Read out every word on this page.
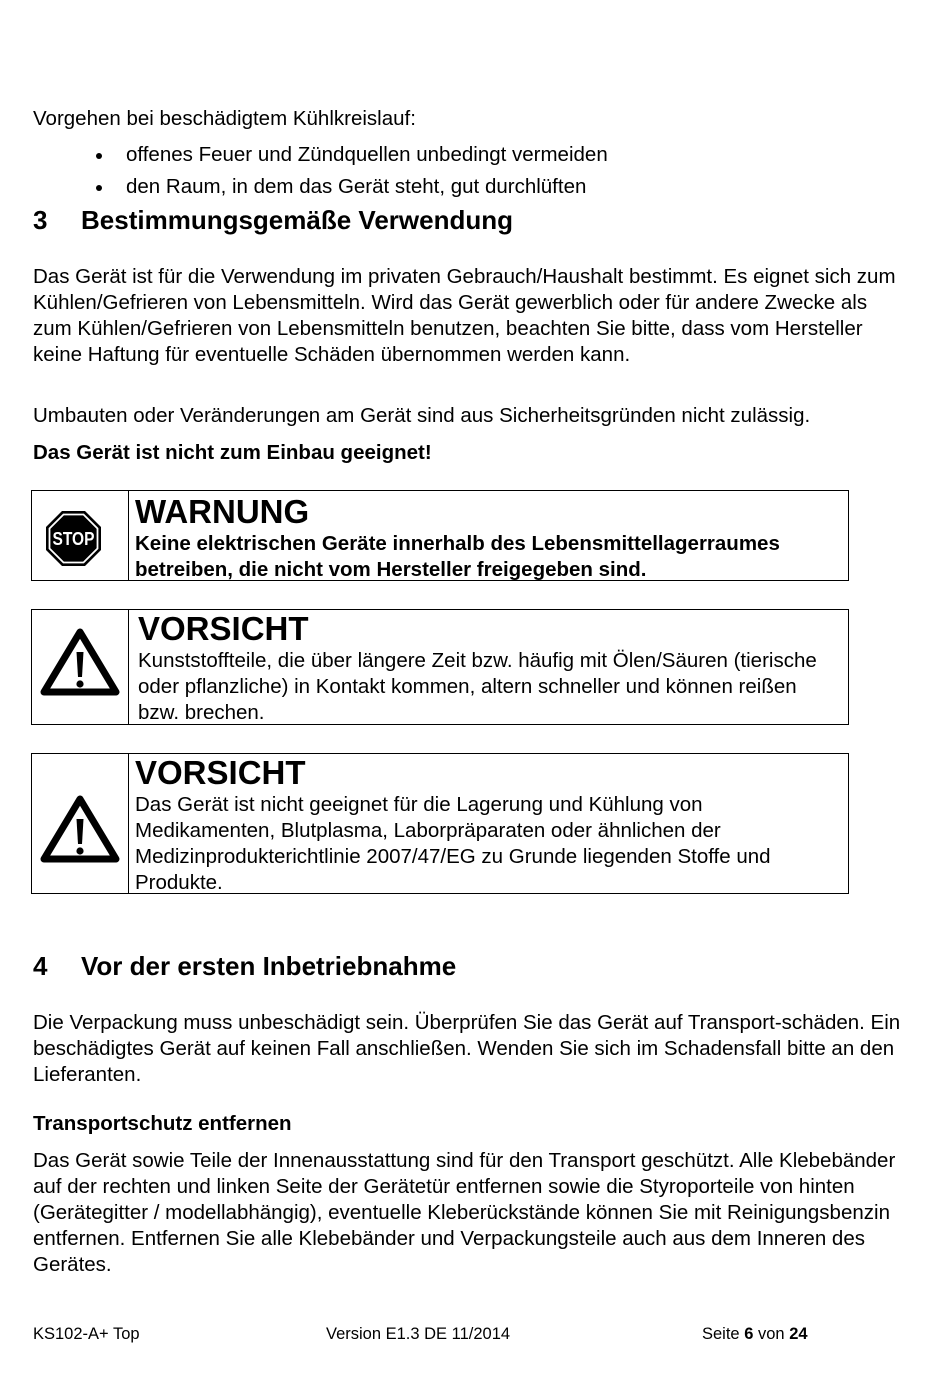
Vorgehen bei beschädigtem Kühlkreislauf:

offenes Feuer und Zündquellen unbedingt vermeiden
den Raum, in dem das Gerät steht, gut durchlüften
3 Bestimmungsgemäße Verwendung

Das Gerät ist für die Verwendung im privaten Gebrauch/Haushalt bestimmt. Es eignet sich zum Kühlen/Gefrieren von Lebensmitteln. Wird das Gerät gewerblich oder für andere Zwecke als zum Kühlen/Gefrieren von Lebensmitteln benutzen, beachten Sie bitte, dass vom Hersteller keine Haftung für eventuelle Schäden übernommen werden kann.

Umbauten oder Veränderungen am Gerät sind aus Sicherheitsgründen nicht zulässig.

Das Gerät ist nicht zum Einbau geeignet!

STOP
WARNUNG
Keine elektrischen Geräte innerhalb des Lebensmittellagerraumes betreiben, die nicht vom Hersteller freigegeben sind.
VORSICHT
Kunststoffteile, die über längere Zeit bzw. häufig mit Ölen/Säuren (tierische oder pflanzliche) in Kontakt kommen, altern schneller und können reißen bzw. brechen.
VORSICHT
Das Gerät ist nicht geeignet für die Lagerung und Kühlung von Medikamenten, Blutplasma, Laborpräparaten oder ähnlichen der Medizinprodukterichtlinie 2007/47/EG zu Grunde liegenden Stoffe und Produkte.
4 Vor der ersten Inbetriebnahme

Die Verpackung muss unbeschädigt sein. Überprüfen Sie das Gerät auf Transport-schäden. Ein beschädigtes Gerät auf keinen Fall anschließen. Wenden Sie sich im Schadensfall bitte an den Lieferanten.

Transportschutz entfernen

Das Gerät sowie Teile der Innenausstattung sind für den Transport geschützt. Alle Klebebänder auf der rechten und linken Seite der Gerätetür entfernen sowie die Styroporteile von hinten (Gerätegitter / modellabhängig), eventuelle Kleberückstände können Sie mit Reinigungsbenzin entfernen. Entfernen Sie alle Klebebänder und Verpackungsteile auch aus dem Inneren des Gerätes.

KS102-A+ Top	Version E1.3 DE 11/2014	Seite 6 von 24
